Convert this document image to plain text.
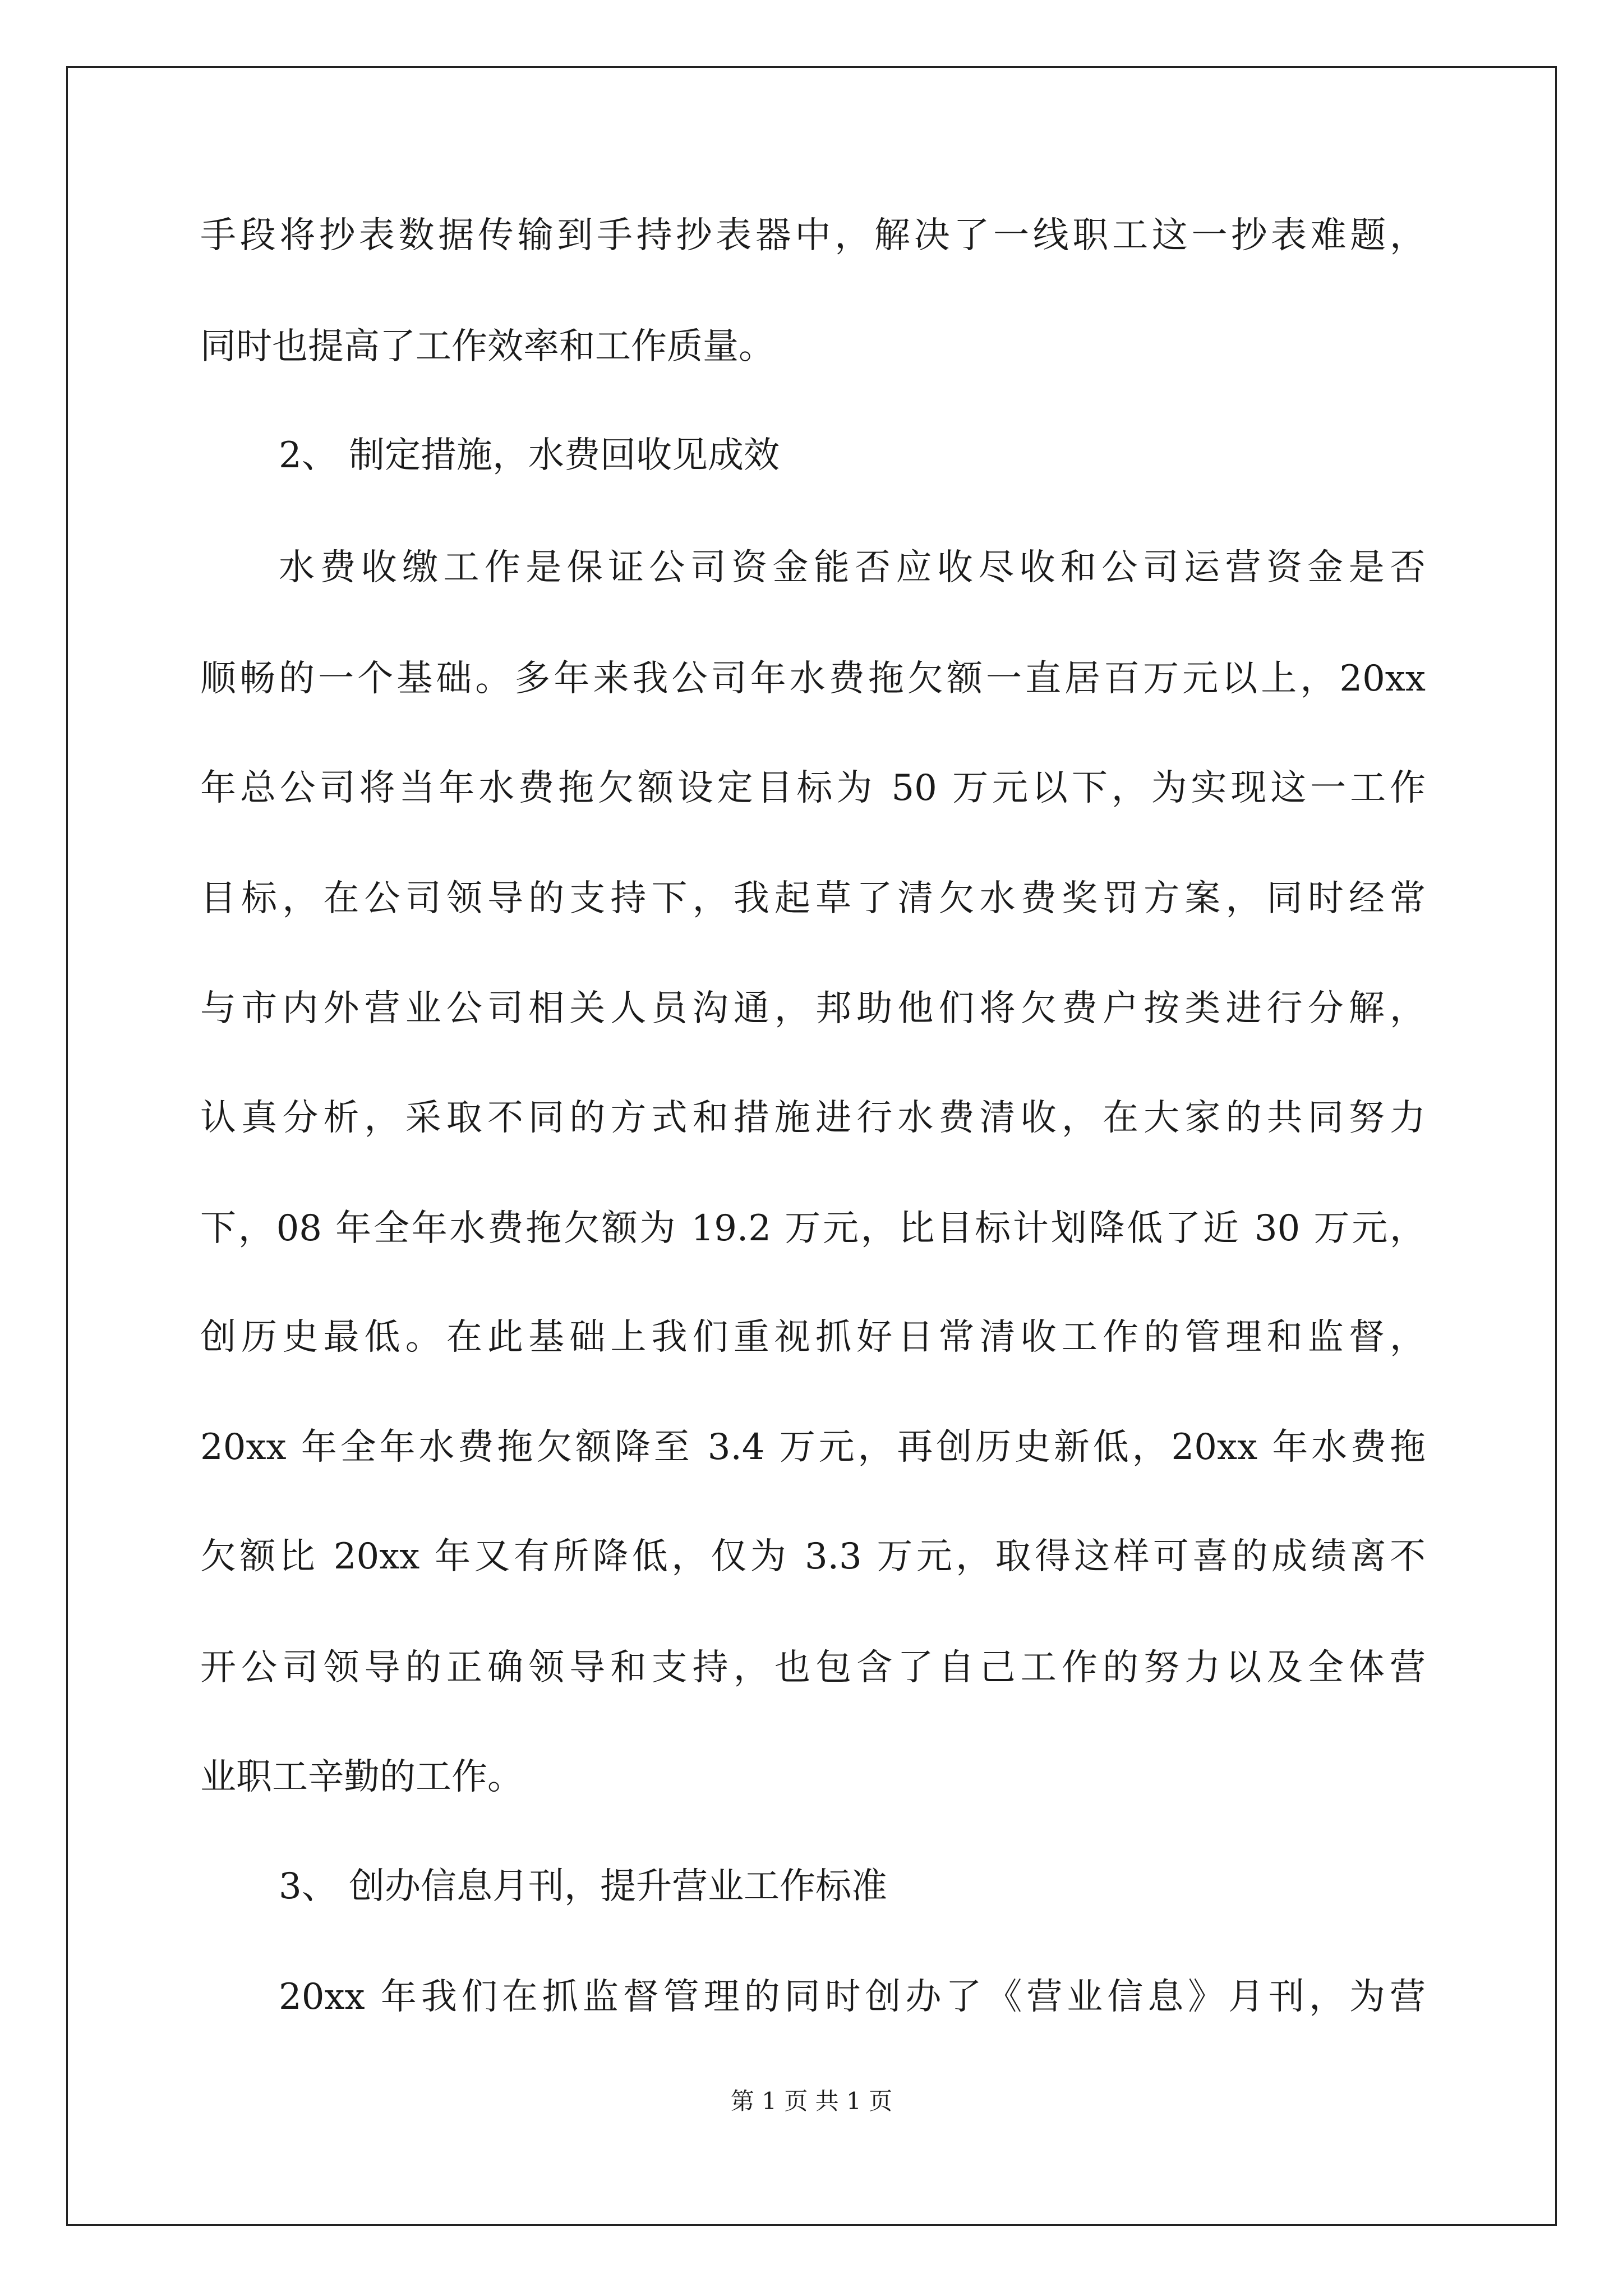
手段将抄表数据传输到手持抄表器中，解决了一线职工这一抄表难题，
同时也提高了工作效率和工作质量。
2、 制定措施，水费回收见成效
水费收缴工作是保证公司资金能否应收尽收和公司运营资金是否
顺畅的一个基础。多年来我公司年水费拖欠额一直居百万元以上，20xx
年总公司将当年水费拖欠额设定目标为 50 万元以下，为实现这一工作
目标，在公司领导的支持下，我起草了清欠水费奖罚方案，同时经常
与市内外营业公司相关人员沟通，邦助他们将欠费户按类进行分解，
认真分析，采取不同的方式和措施进行水费清收，在大家的共同努力
下，08 年全年水费拖欠额为 19.2 万元，比目标计划降低了近 30 万元，
创历史最低。在此基础上我们重视抓好日常清收工作的管理和监督，
20xx 年全年水费拖欠额降至 3.4 万元，再创历史新低，20xx 年水费拖
欠额比 20xx 年又有所降低，仅为 3.3 万元，取得这样可喜的成绩离不
开公司领导的正确领导和支持，也包含了自己工作的努力以及全体营
业职工辛勤的工作。
3、 创办信息月刊，提升营业工作标准
20xx 年我们在抓监督管理的同时创办了《营业信息》月刊，为营
第 1 页 共 1 页
